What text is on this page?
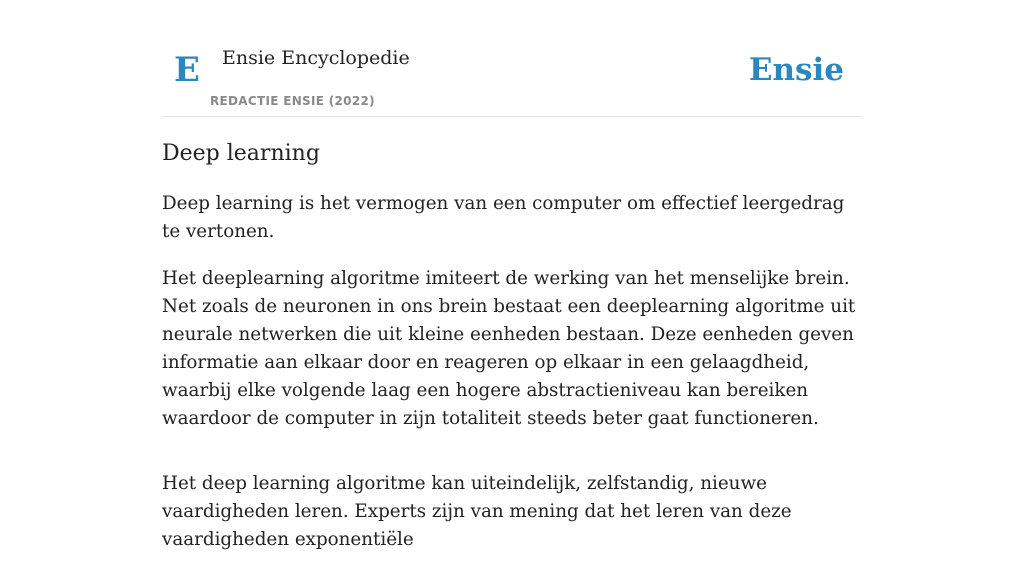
E Ensie Encyclopedie
REDACTIE ENSIE (2022)
Ensie
Deep learning

Deep learning is het vermogen van een computer om effectief leergedrag te vertonen.

Het deeplearning algoritme imiteert de werking van het menselijke brein. Net zoals de neuronen in ons brein bestaat een deeplearning algoritme uit neurale netwerken die uit kleine eenheden bestaan. Deze eenheden geven informatie aan elkaar door en reageren op elkaar in een gelaagdheid, waarbij elke volgende laag een hogere abstractieniveau kan bereiken waardoor de computer in zijn totaliteit steeds beter gaat functioneren.

Het deep learning algoritme kan uiteindelijk, zelfstandig, nieuwe vaardigheden leren. Experts zijn van mening dat het leren van deze vaardigheden exponentiële
